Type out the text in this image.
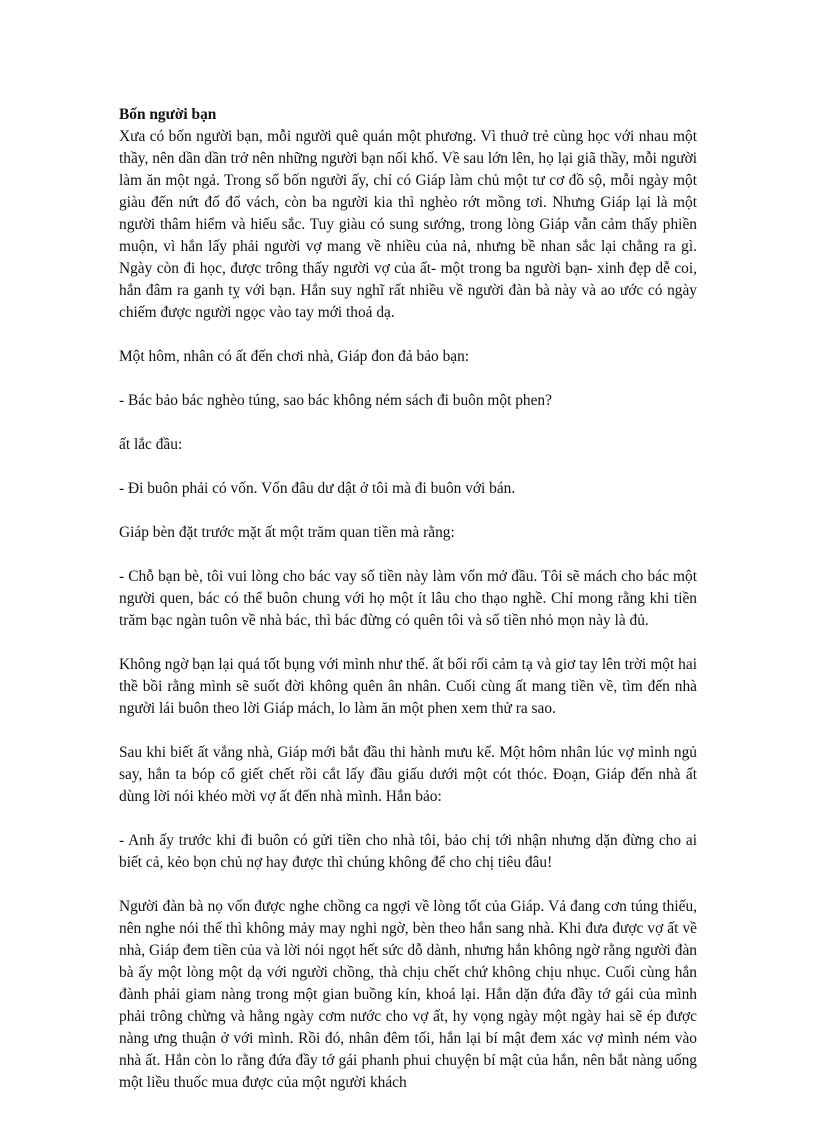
Bốn người bạn

Xưa có bốn người bạn, mỗi người quê quán một phương. Vì thuở trẻ cùng học với nhau một thầy, nên dần dần trở nên những người bạn nối khố. Về sau lớn lên, họ lại giã thầy, mỗi người làm ăn một ngả. Trong số bốn người ấy, chỉ có Giáp làm chủ một tư cơ đồ sộ, mỗi ngày một giàu đến nứt đố đổ vách, còn ba người kia thì nghèo rớt mồng tơi. Nhưng Giáp lại là một người thâm hiểm và hiếu sắc. Tuy giàu có sung sướng, trong lòng Giáp vẫn cảm thấy phiền muộn, vì hắn lấy phải người vợ mang về nhiều của nả, nhưng bề nhan sắc lại chẳng ra gì. Ngày còn đi học, được trông thấy người vợ của ất- một trong ba người bạn- xinh đẹp dễ coi, hắn đâm ra ganh tỵ với bạn. Hắn suy nghĩ rất nhiều về người đàn bà này và ao ước có ngày chiếm được người ngọc vào tay mới thoả dạ.

Một hôm, nhân có ất đến chơi nhà, Giáp đon đả bảo bạn:

- Bác bảo bác nghèo túng, sao bác không ném sách đi buôn một phen?

ất lắc đầu:

- Đi buôn phải có vốn. Vốn đâu dư dật ở tôi mà đi buôn với bán.

Giáp bèn đặt trước mặt ất một trăm quan tiền mà rằng:

- Chỗ bạn bè, tôi vui lòng cho bác vay số tiền này làm vốn mở đầu. Tôi sẽ mách cho bác một người quen, bác có thể buôn chung với họ một ít lâu cho thạo nghề. Chỉ mong rằng khi tiền trăm bạc ngàn tuôn về nhà bác, thì bác đừng có quên tôi và số tiền nhỏ mọn này là đủ.

Không ngờ bạn lại quá tốt bụng với mình như thế. ất bối rối cảm tạ và giơ tay lên trời một hai thề bồi rằng mình sẽ suốt đời không quên ân nhân. Cuối cùng ất mang tiền về, tìm đến nhà người lái buôn theo lời Giáp mách, lo làm ăn một phen xem thử ra sao.

Sau khi biết ất vắng nhà, Giáp mới bắt đầu thi hành mưu kế. Một hôm nhân lúc vợ mình ngủ say, hắn ta bóp cổ giết chết rồi cắt lấy đầu giấu dưới một cót thóc. Đoạn, Giáp đến nhà ất dùng lời nói khéo mời vợ ất đến nhà mình. Hắn bảo:

- Anh ấy trước khi đi buôn có gửi tiền cho nhà tôi, bảo chị tới nhận nhưng dặn đừng cho ai biết cả, kẻo bọn chủ nợ hay được thì chúng không để cho chị tiêu đâu!

Người đàn bà nọ vốn được nghe chồng ca ngợi về lòng tốt của Giáp. Vả đang cơn túng thiếu, nên nghe nói thế thì không mảy may nghi ngờ, bèn theo hắn sang nhà. Khi đưa được vợ ất về nhà, Giáp đem tiền của và lời nói ngọt hết sức dỗ dành, nhưng hắn không ngờ rằng người đàn bà ấy một lòng một dạ với người chồng, thà chịu chết chứ không chịu nhục. Cuối cùng hắn đành phải giam nàng trong một gian buồng kín, khoá lại. Hắn dặn đứa đầy tớ gái của mình phải trông chừng và hằng ngày cơm nước cho vợ ất, hy vọng ngày một ngày hai sẽ ép được nàng ưng thuận ở với mình. Rồi đó, nhân đêm tối, hắn lại bí mật đem xác vợ mình ném vào nhà ất. Hắn còn lo rằng đứa đầy tớ gái phanh phui chuyện bí mật của hắn, nên bắt nàng uống một liều thuốc mua được của một người khách
